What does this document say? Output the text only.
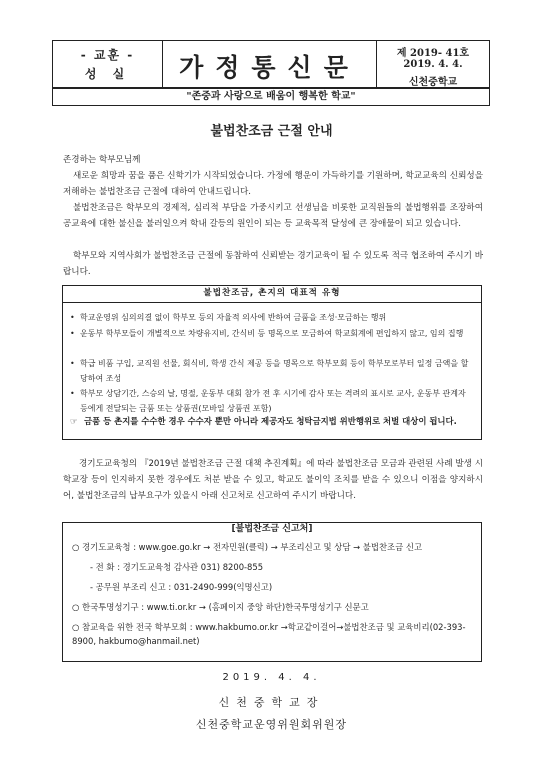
- 교훈 -
성 실	가정통신문	제 2019- 41호
2019. 4. 4.
신천중학교
"존중과 사랑으로 배움이 행복한 학교"
불법찬조금 근절 안내
존경하는 학부모님께
새로운 희망과 꿈을 품은 신학기가 시작되었습니다. 가정에 행운이 가득하기를 기원하며, 학교교육의 신뢰성을 저해하는 불법찬조금 근절에 대하여 안내드립니다.
불법찬조금은 학부모의 경제적, 심리적 부담을 가중시키고 선생님을 비롯한 교직원들의 불법행위를 조장하여 공교육에 대한 불신을 불러일으켜 학내 갈등의 원인이 되는 등 교육목적 달성에 큰 장애물이 되고 있습니다.
학부모와 지역사회가 불법찬조금 근절에 동참하여 신뢰받는 경기교육이 될 수 있도록 적극 협조하여 주시기 바랍니다.
불법찬조금, 촌지의 대표적 유형
• 학교운영위 심의의결 없이 학부모 등의 자율적 의사에 반하여 금품을 조성·모금하는 행위
• 운동부 학부모들이 개별적으로 차량유지비, 간식비 등 명목으로 모금하여 학교회계에 편입하지 않고, 임의 집행
• 학급 비품 구입, 교직원 선물, 회식비, 학생 간식 제공 등을 명목으로 학부모회 등이 학부모로부터 일정 금액을 할당하여 조성
• 학부모 상담기간, 스승의 날, 명절, 운동부 대회 참가 전 후 시기에 감사 또는 격려의 표시로 교사, 운동부 관계자 등에게 전달되는 금품 또는 상품권(모바일 상품권 포함)
☞ 금품 등 촌지를 수수한 경우 수수자 뿐만 아니라 제공자도 청탁금지법 위반행위로 처벌 대상이 됩니다.
경기도교육청의 『2019년 불법찬조금 근절 대책 추진계획』에 따라 불법찬조금 모금과 관련된 사례 발생 시 학교장 등이 인지하지 못한 경우에도 처분 받을 수 있고, 학교도 불이익 조치를 받을 수 있으니 이점을 양지하시어, 불법찬조금의 납부요구가 있을시 아래 신고처로 신고하여 주시기 바랍니다.
[불법찬조금 신고처]
○ 경기도교육청 : www.goe.go.kr → 전자민원(클릭) → 부조리신고 및 상담 → 불법찬조금 신고
- 전 화 : 경기도교육청 감사관 031) 8200-855
- 공무원 부조리 신고 : 031-2490-999(익명신고)
○ 한국투명성기구 : www.ti.or.kr → (홈페이지 중앙 하단)한국투명성기구 신문고
○ 참교육을 위한 전국 학부모회 : www.hakbumo.or.kr →학교같이걸어→불법찬조금 및 교육비리(02-393-8900, hakbumo@hanmail.net)
2019. 4. 4.
신천중학교장
신천중학교운영위원회위원장
